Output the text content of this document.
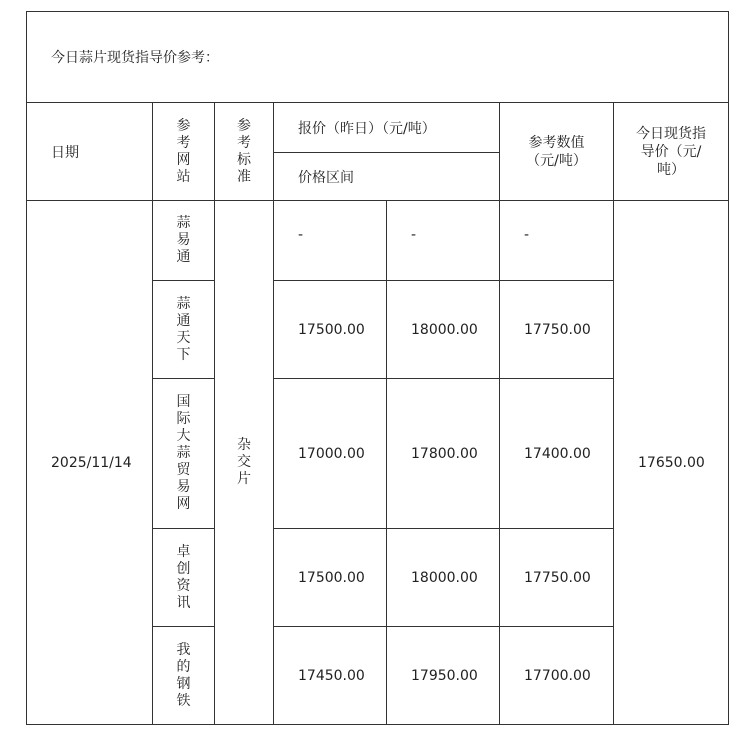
今日蒜片现货指导价参考：						
日期	参考网站	参考标准	报价（昨日）（元/吨）		参考数值（元/吨）	今日现货指导价（元/吨）

			价格区间			
2025/11/14	蒜易通	杂交片	-	-	-	17650.00
	蒜通天下		17500.00	18000.00	17750.00	
	国际大蒜贸易网		17000.00	17800.00	17400.00	
	卓创资讯		17500.00	18000.00	17750.00	
	我的钢铁		17450.00	17950.00	17700.00	
